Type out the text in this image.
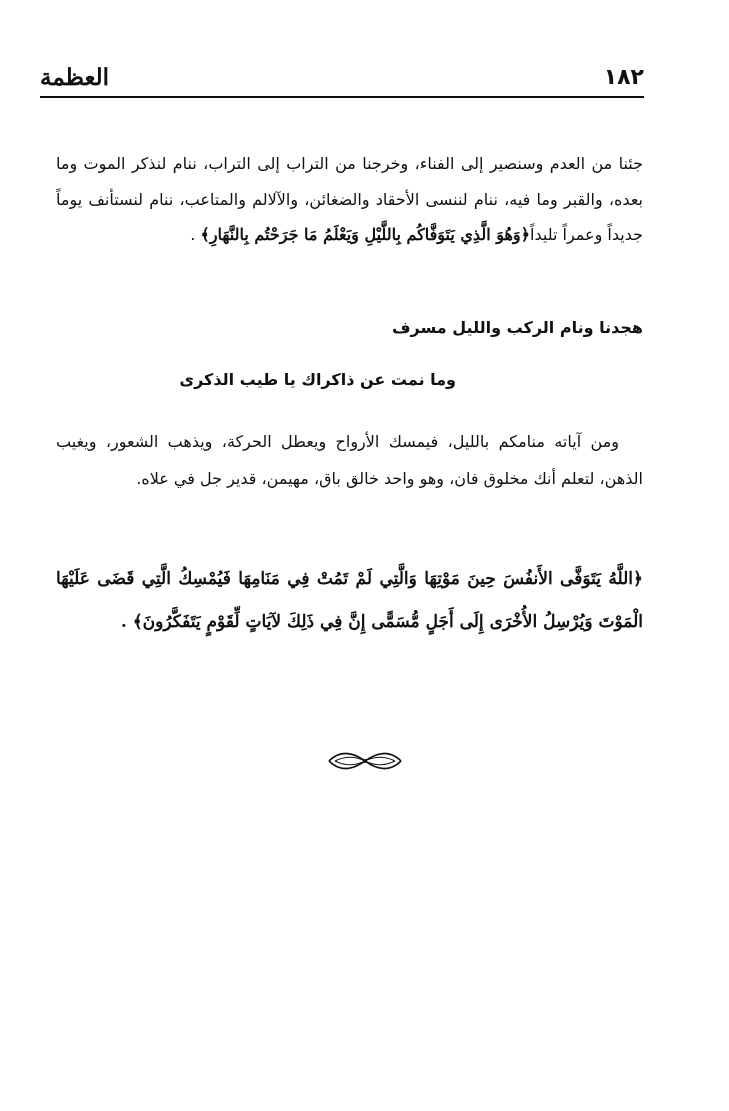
١٨٢
العظمة

جئنا من العدم وسنصير إلى الفناء، وخرجنا من التراب إلى التراب، ننام لنذكر الموت وما بعده، والقبر وما فيه، ننام لننسى الأحقاد والضغائن، والآلالم والمتاعب، ننام لنستأنف يوماً جديداً وعمراً تليداً﴿وَهُوَ الَّذِي يَتَوَفَّاكُم بِاللَّيْلِ وَيَعْلَمُ مَا جَرَحْتُم بِالنَّهَارِ﴾ .

هجدنا ونام الركب والليل مسرف
وما نمت عن ذاكراك يا طيب الذكرى

ومن آياته منامكم بالليل، فيمسك الأرواح ويعطل الحركة، ويذهب الشعور، ويغيب الذهن، لتعلم أنك مخلوق فان، وهو واحد خالق باق، مهيمن، قدير جل في علاه.

﴿اللَّهُ يَتَوَفَّى الأَنفُسَ حِينَ مَوْتِهَا وَالَّتِي لَمْ تَمُتْ فِي مَنَامِهَا فَيُمْسِكُ الَّتِي قَضَى عَلَيْهَا الْمَوْتَ وَيُرْسِلُ الأُخْرَى إِلَى أَجَلٍ مُّسَمًّى إِنَّ فِي ذَلِكَ لآيَاتٍ لِّقَوْمٍ يَتَفَكَّرُونَ﴾ .
